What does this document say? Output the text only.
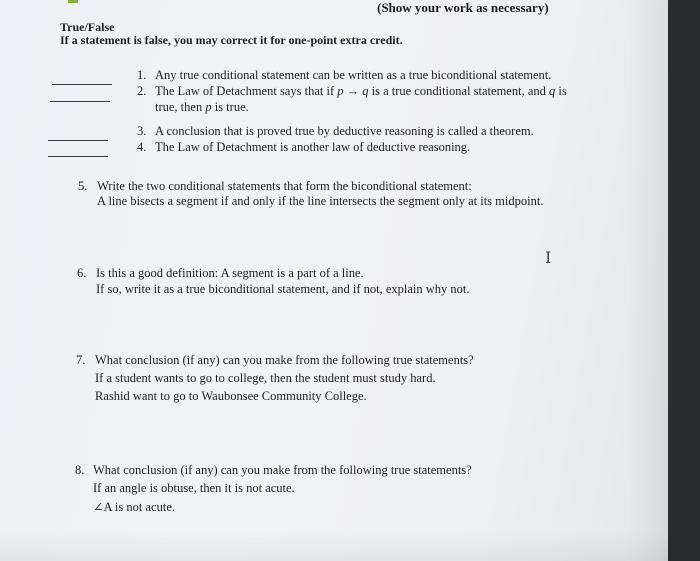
(Show your work as necessary)
True/False
If a statement is false, you may correct it for one-point extra credit.
1. Any true conditional statement can be written as a true biconditional statement.
2. The Law of Detachment says that if p → q is a true conditional statement, and q is
true, then p is true.
3. A conclusion that is proved true by deductive reasoning is called a theorem.
4. The Law of Detachment is another law of deductive reasoning.
5. Write the two conditional statements that form the biconditional statement:
A line bisects a segment if and only if the line intersects the segment only at its midpoint.
I
6. Is this a good definition: A segment is a part of a line.
If so, write it as a true biconditional statement, and if not, explain why not.
7. What conclusion (if any) can you make from the following true statements?
If a student wants to go to college, then the student must study hard.
Rashid want to go to Waubonsee Community College.
8. What conclusion (if any) can you make from the following true statements?
If an angle is obtuse, then it is not acute.
∠A is not acute.
